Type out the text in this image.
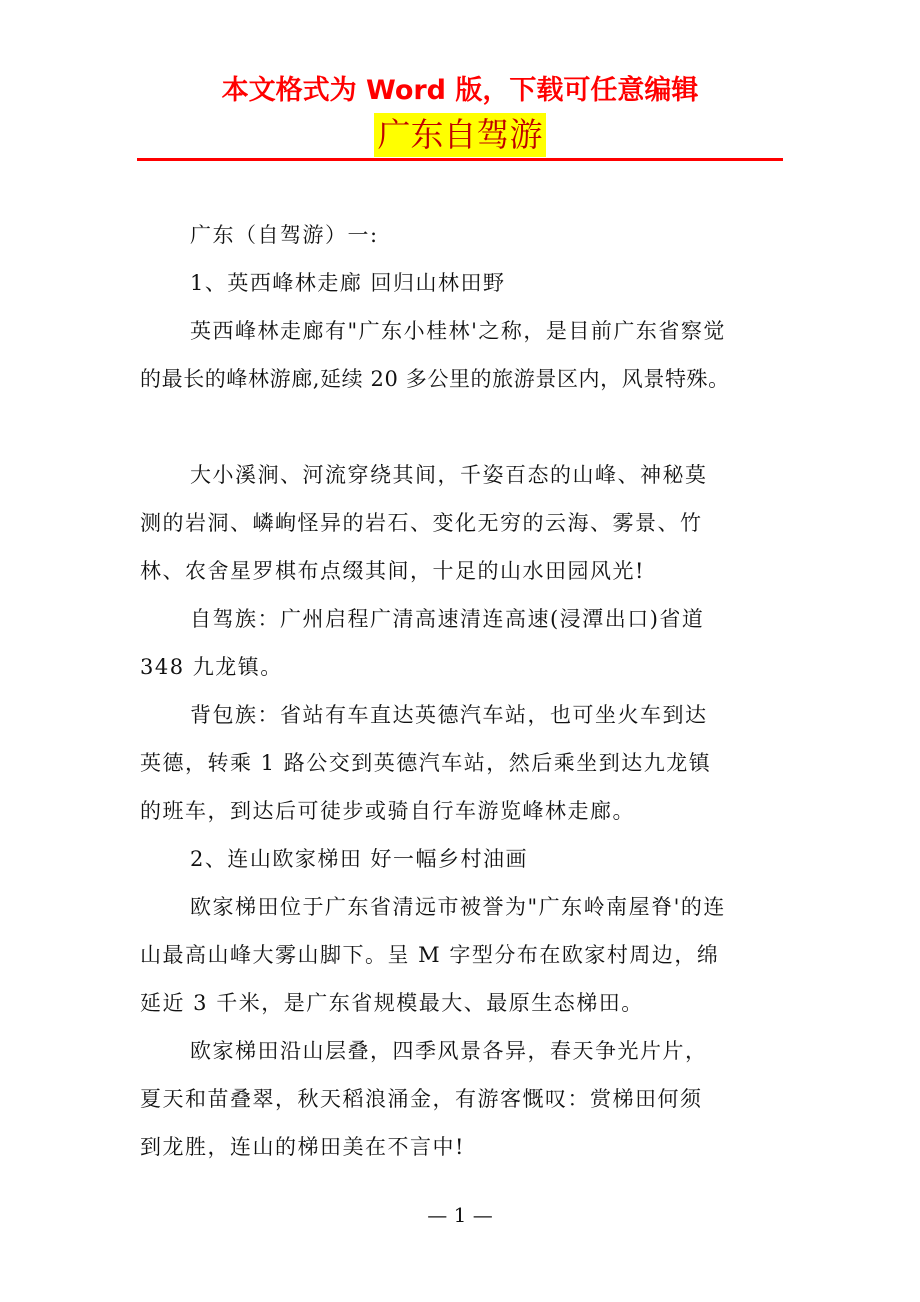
本文格式为 Word 版，下载可任意编辑
广东自驾游
广东（自驾游）一:
1、英西峰林走廊 回归山林田野
英西峰林走廊有"广东小桂林'之称，是目前广东省察觉
的最长的峰林游廊,延续 20 多公里的旅游景区内，风景特殊。
大小溪涧、河流穿绕其间，千姿百态的山峰、神秘莫
测的岩洞、嶙峋怪异的岩石、变化无穷的云海、雾景、竹
林、农舍星罗棋布点缀其间，十足的山水田园风光!
自驾族：广州启程广清高速清连高速(浸潭出口)省道
348 九龙镇。
背包族：省站有车直达英德汽车站，也可坐火车到达
英德，转乘 1 路公交到英德汽车站，然后乘坐到达九龙镇
的班车，到达后可徒步或骑自行车游览峰林走廊。
2、连山欧家梯田 好一幅乡村油画
欧家梯田位于广东省清远市被誉为"广东岭南屋脊'的连
山最高山峰大雾山脚下。呈 M 字型分布在欧家村周边，绵
延近 3 千米，是广东省规模最大、最原生态梯田。
欧家梯田沿山层叠，四季风景各异，春天争光片片，
夏天和苗叠翠，秋天稻浪涌金，有游客慨叹：赏梯田何须
到龙胜，连山的梯田美在不言中!
— 1 —
